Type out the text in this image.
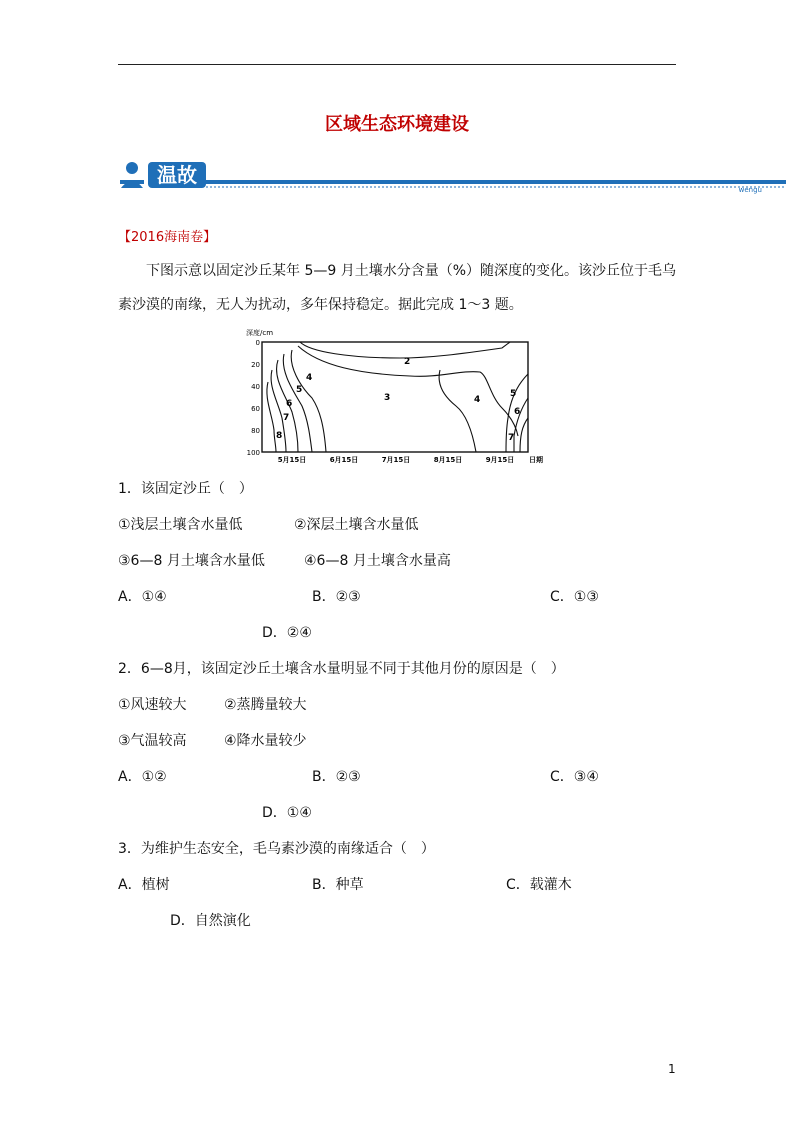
区域生态环境建设
温故
wengu
【2016海南卷】

下图示意以固定沙丘某年 5—9 月土壤水分含量（%）随深度的变化。该沙丘位于毛乌

素沙漠的南缘，无人为扰动，多年保持稳定。据此完成 1～3 题。

深度/cm
0
20
40
60
80
100
5月15日	6月15日	7月15日	8月15日	9月15日 日期
2
3
4
4
5	5
6
6
7
7
8
1．该固定沙丘（　）
①浅层土壤含水量低	②深层土壤含水量低
③6—8 月土壤含水量低	④6—8 月土壤含水量高
A．①④	B．②③	C．①③
D．②④
2．6—8月，该固定沙丘土壤含水量明显不同于其他月份的原因是（　）
①风速较大	②蒸腾量较大
③气温较高	④降水量较少
A．①②	B．②③	C．③④
D．①④
3．为维护生态安全，毛乌素沙漠的南缘适合（　）
A．植树	B．种草	C．载灌木
D．自然演化
1
